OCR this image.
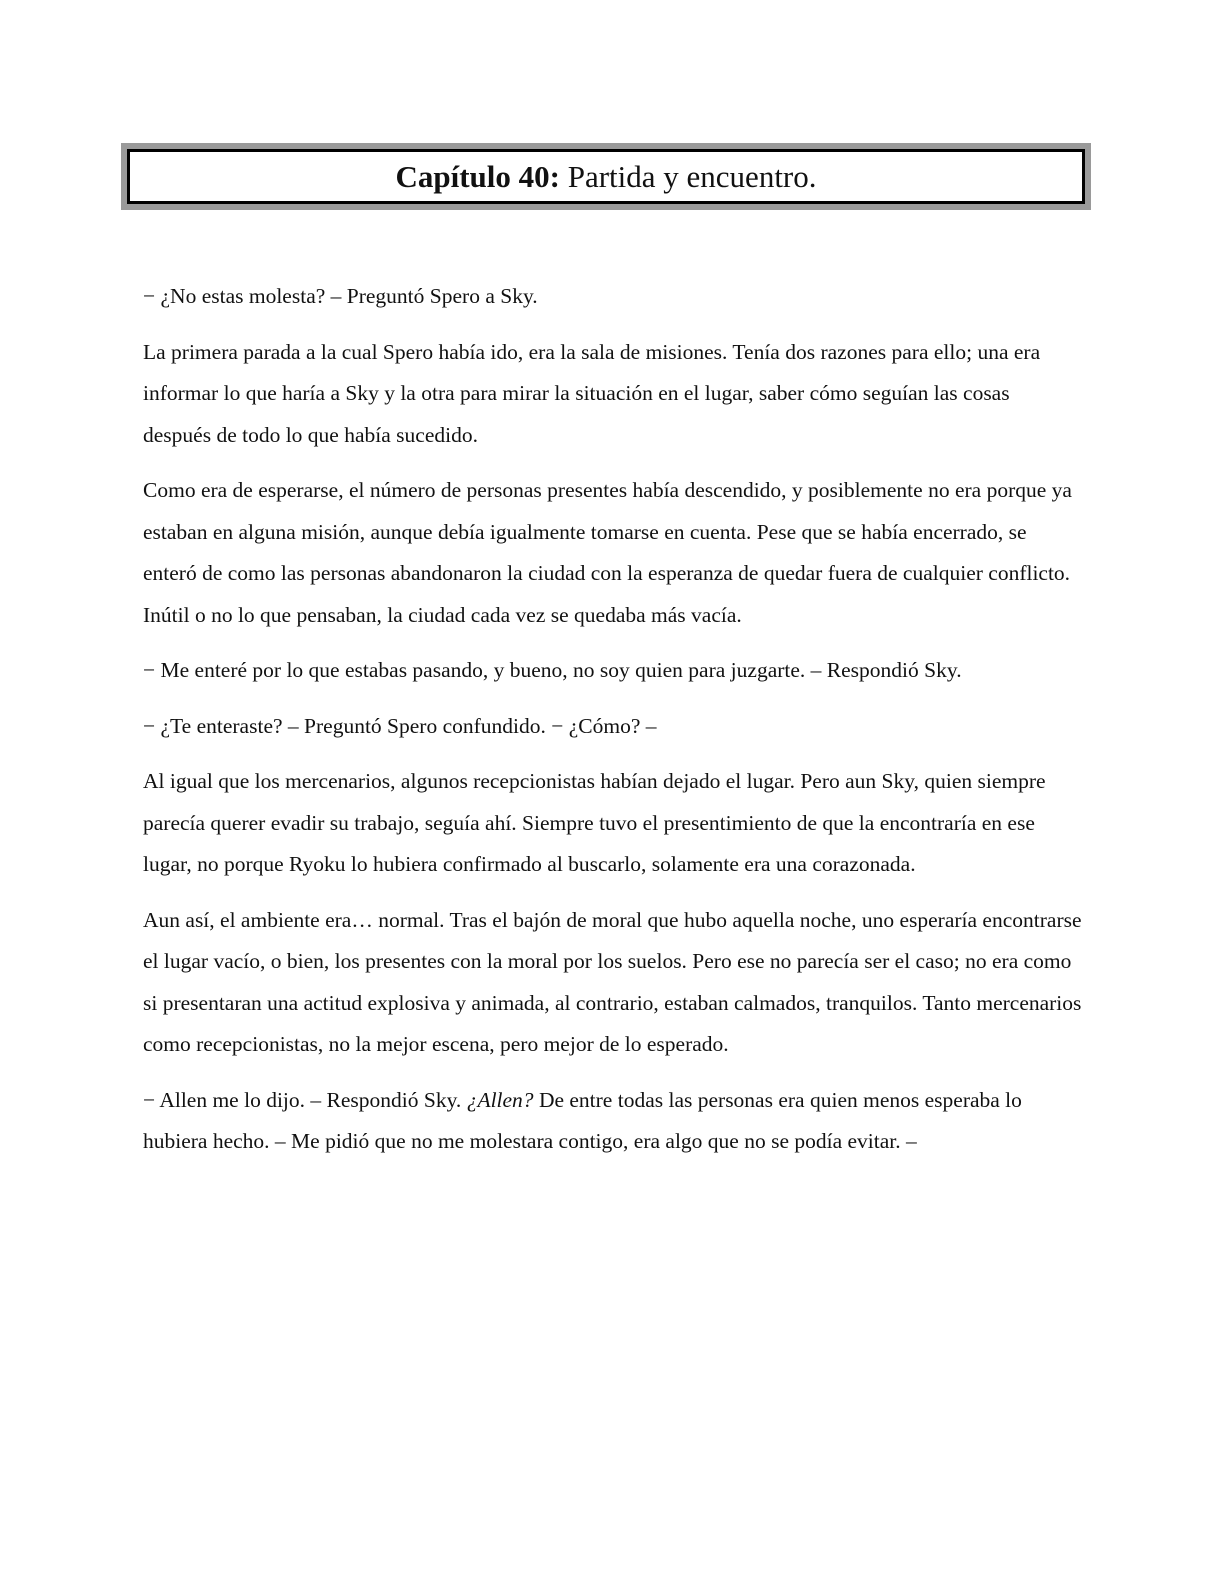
Capítulo 40: Partida y encuentro.

− ¿No estas molesta? – Preguntó Spero a Sky.

La primera parada a la cual Spero había ido, era la sala de misiones. Tenía dos razones para ello; una era informar lo que haría a Sky y la otra para mirar la situación en el lugar, saber cómo seguían las cosas después de todo lo que había sucedido.

Como era de esperarse, el número de personas presentes había descendido, y posiblemente no era porque ya estaban en alguna misión, aunque debía igualmente tomarse en cuenta. Pese que se había encerrado, se enteró de como las personas abandonaron la ciudad con la esperanza de quedar fuera de cualquier conflicto. Inútil o no lo que pensaban, la ciudad cada vez se quedaba más vacía.

− Me enteré por lo que estabas pasando, y bueno, no soy quien para juzgarte. – Respondió Sky.

− ¿Te enteraste? – Preguntó Spero confundido. − ¿Cómo? –

Al igual que los mercenarios, algunos recepcionistas habían dejado el lugar. Pero aun Sky, quien siempre parecía querer evadir su trabajo, seguía ahí. Siempre tuvo el presentimiento de que la encontraría en ese lugar, no porque Ryoku lo hubiera confirmado al buscarlo, solamente era una corazonada.

Aun así, el ambiente era… normal. Tras el bajón de moral que hubo aquella noche, uno esperaría encontrarse el lugar vacío, o bien, los presentes con la moral por los suelos. Pero ese no parecía ser el caso; no era como si presentaran una actitud explosiva y animada, al contrario, estaban calmados, tranquilos. Tanto mercenarios como recepcionistas, no la mejor escena, pero mejor de lo esperado.

− Allen me lo dijo. – Respondió Sky. ¿Allen? De entre todas las personas era quien menos esperaba lo hubiera hecho. – Me pidió que no me molestara contigo, era algo que no se podía evitar. –
